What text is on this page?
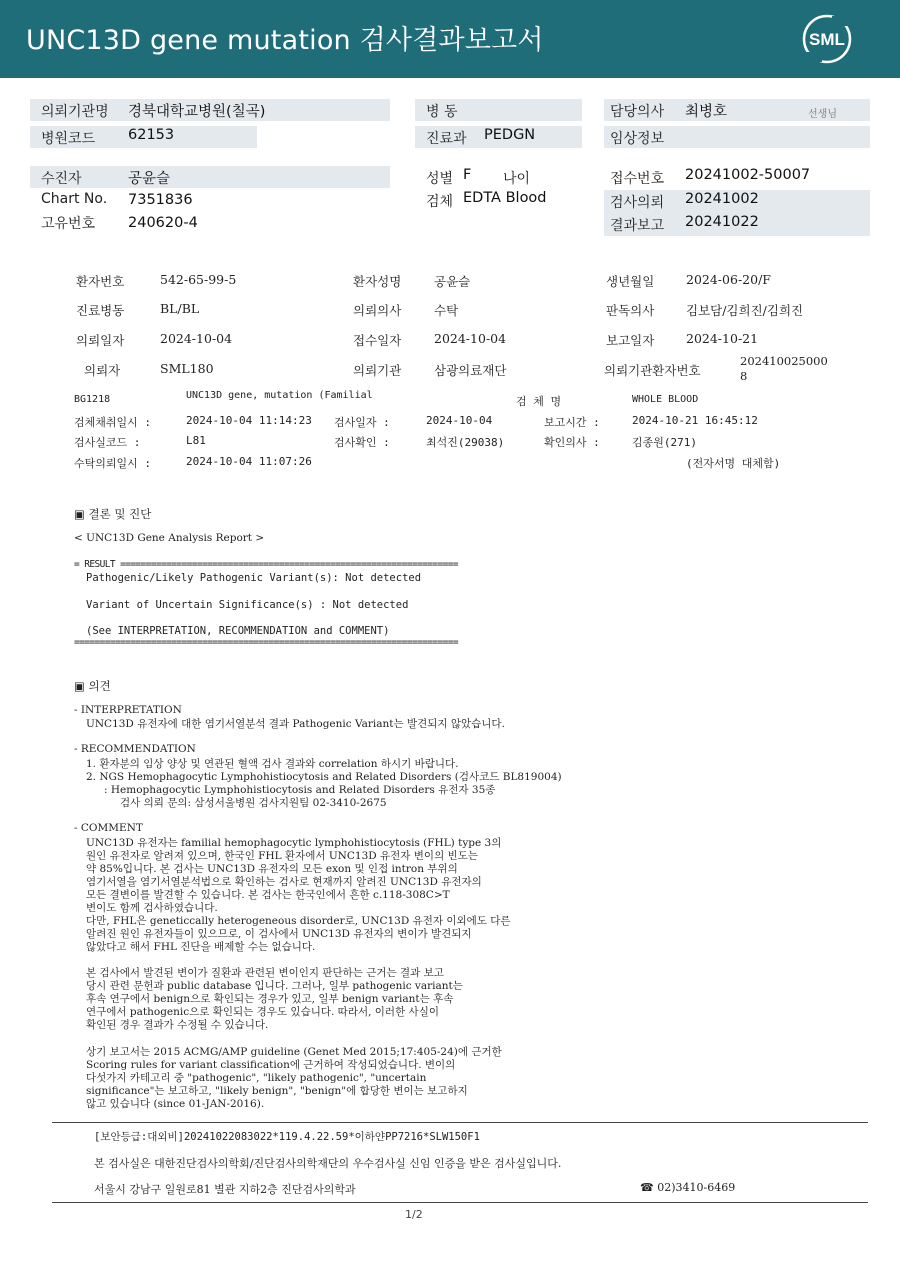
UNC13D gene mutation 검사결과보고서	SML
의뢰기관명 경북대학교병원(칠곡)	병 동	담당의사 최병호	선생님
병원코드 62153	진료과 PEDGN	임상정보
수진자	공윤슬	성별 F 나이	접수번호 20241002-50007
Chart No. 7351836	검체 EDTA Blood	검사의뢰 20241002
고유번호 240620-4	결과보고 20241022
환자번호	542-65-99-5	환자성명	공윤슬	생년월일	2024-06-20/F
진료병동	BL/BL	의뢰의사	수탁	판독의사	김보담/김희진/김희진
의뢰일자	2024-10-04	접수일자	2024-10-04	보고일자	2024-10-21
의뢰자	SML180	의뢰기관	삼광의료재단	의뢰기관환자번호
202410025000
8
BG1218	UNC13D gene, mutation (Familial	검 체 명	WHOLE BLOOD
검체채취일시 :	2024-10-04 11:14:23 검사일자 :	2024-10-04	보고시간 :	2024-10-21 16:45:12
검사실코드 :	L81	검사확인 :	최석진(29038)	확인의사 :	김종원(271)
수탁의뢰일시 :	2024-10-04 11:07:26	(전자서명 대체함)
▣ 결론 및 진단
< UNC13D Gene Analysis Report >
= RESULT ==================================================================
Pathogenic/Likely Pathogenic Variant(s): Not detected
Variant of Uncertain Significance(s) : Not detected
(See INTERPRETATION, RECOMMENDATION and COMMENT)
===========================================================================
▣ 의견
- INTERPRETATION
UNC13D 유전자에 대한 염기서열분석 결과 Pathogenic Variant는 발견되지 않았습니다.
- RECOMMENDATION
1. 환자분의 임상 양상 및 연관된 혈액 검사 결과와 correlation 하시기 바랍니다.
2. NGS Hemophagocytic Lymphohistiocytosis and Related Disorders (검사코드 BL819004)
: Hemophagocytic Lymphohistiocytosis and Related Disorders 유전자 35종
검사 의뢰 문의: 삼성서울병원 검사지원팀 02-3410-2675
- COMMENT
UNC13D 유전자는 familial hemophagocytic lymphohistiocytosis (FHL) type 3의
원인 유전자로 알려져 있으며, 한국인 FHL 환자에서 UNC13D 유전자 변이의 빈도는
약 85%입니다. 본 검사는 UNC13D 유전자의 모든 exon 및 인접 intron 부위의
염기서열을 염기서열분석법으로 확인하는 검사로 현재까지 알려진 UNC13D 유전자의
모든 결변이를 발견할 수 있습니다. 본 검사는 한국인에서 흔한 c.118-308C>T
변이도 함께 검사하였습니다.
다만, FHL은 geneticcally heterogeneous disorder로, UNC13D 유전자 이외에도 다른
알려진 원인 유전자들이 있으므로, 이 검사에서 UNC13D 유전자의 변이가 발견되지
않았다고 해서 FHL 진단을 배제할 수는 없습니다.
본 검사에서 발견된 변이가 질환과 관련된 변이인지 판단하는 근거는 결과 보고
당시 관련 문헌과 public database 입니다. 그러나, 일부 pathogenic variant는
후속 연구에서 benign으로 확인되는 경우가 있고, 일부 benign variant는 후속
연구에서 pathogenic으로 확인되는 경우도 있습니다. 따라서, 이러한 사실이
확인된 경우 결과가 수정될 수 있습니다.
상기 보고서는 2015 ACMG/AMP guideline (Genet Med 2015;17:405-24)에 근거한
Scoring rules for variant classification에 근거하여 작성되었습니다. 변이의
다섯가지 카테고리 중 "pathogenic", "likely pathogenic", "uncertain
significance"는 보고하고, "likely benign", "benign"에 합당한 변이는 보고하지
않고 있습니다 (since 01-JAN-2016).
[보안등급:대외비]20241022083022*119.4.22.59*이하얀PP7216*SLW150F1
본 검사실은 대한진단검사의학회/진단검사의학재단의 우수검사실 신임 인증을 받은 검사실입니다.
서울시 강남구 일원로81 별관 지하2층 진단검사의학과	☎ 02)3410-6469
1/2
